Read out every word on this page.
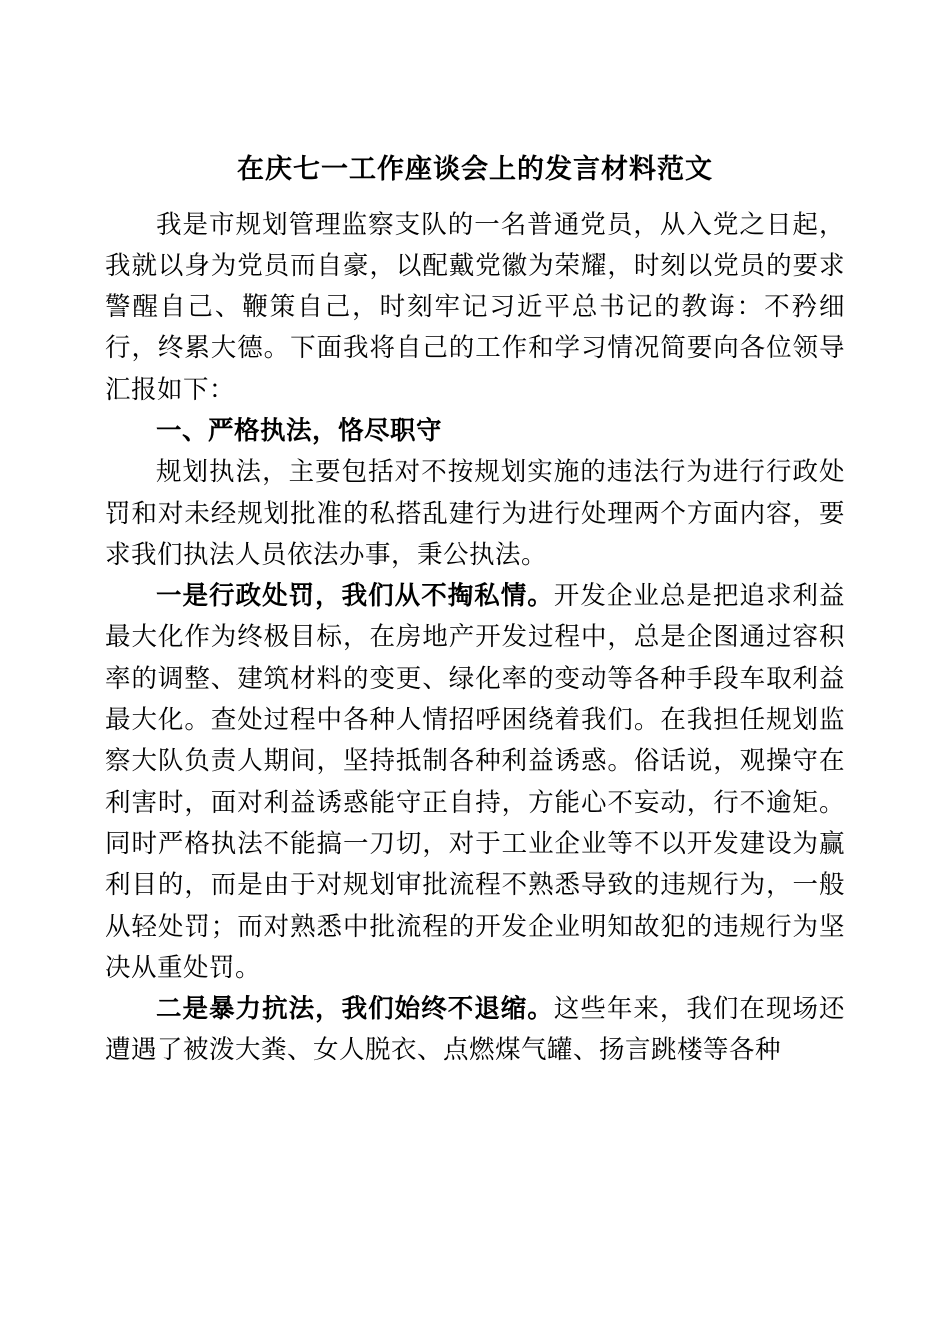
在庆七一工作座谈会上的发言材料范文

我是市规划管理监察支队的一名普通党员，从入党之日起，我就以身为党员而自豪，以配戴党徽为荣耀，时刻以党员的要求警醒自己、鞭策自己，时刻牢记习近平总书记的教诲：不矜细行，终累大德。下面我将自己的工作和学习情况简要向各位领导汇报如下：

一、严格执法，恪尽职守

规划执法，主要包括对不按规划实施的违法行为进行行政处罚和对未经规划批准的私搭乱建行为进行处理两个方面内容，要求我们执法人员依法办事，秉公执法。

一是行政处罚，我们从不掏私情。开发企业总是把追求利益最大化作为终极目标，在房地产开发过程中，总是企图通过容积率的调整、建筑材料的变更、绿化率的变动等各种手段车取利益最大化。查处过程中各种人情招呼困绕着我们。在我担任规划监察大队负责人期间，坚持抵制各种利益诱惑。俗话说，观操守在利害时，面对利益诱惑能守正自持，方能心不妄动，行不逾矩。同时严格执法不能搞一刀切，对于工业企业等不以开发建设为赢利目的，而是由于对规划审批流程不熟悉导致的违规行为，一般从轻处罚；而对熟悉中批流程的开发企业明知故犯的违规行为坚决从重处罚。

二是暴力抗法，我们始终不退缩。这些年来，我们在现场还遭遇了被泼大粪、女人脱衣、点燃煤气罐、扬言跳楼等各种
